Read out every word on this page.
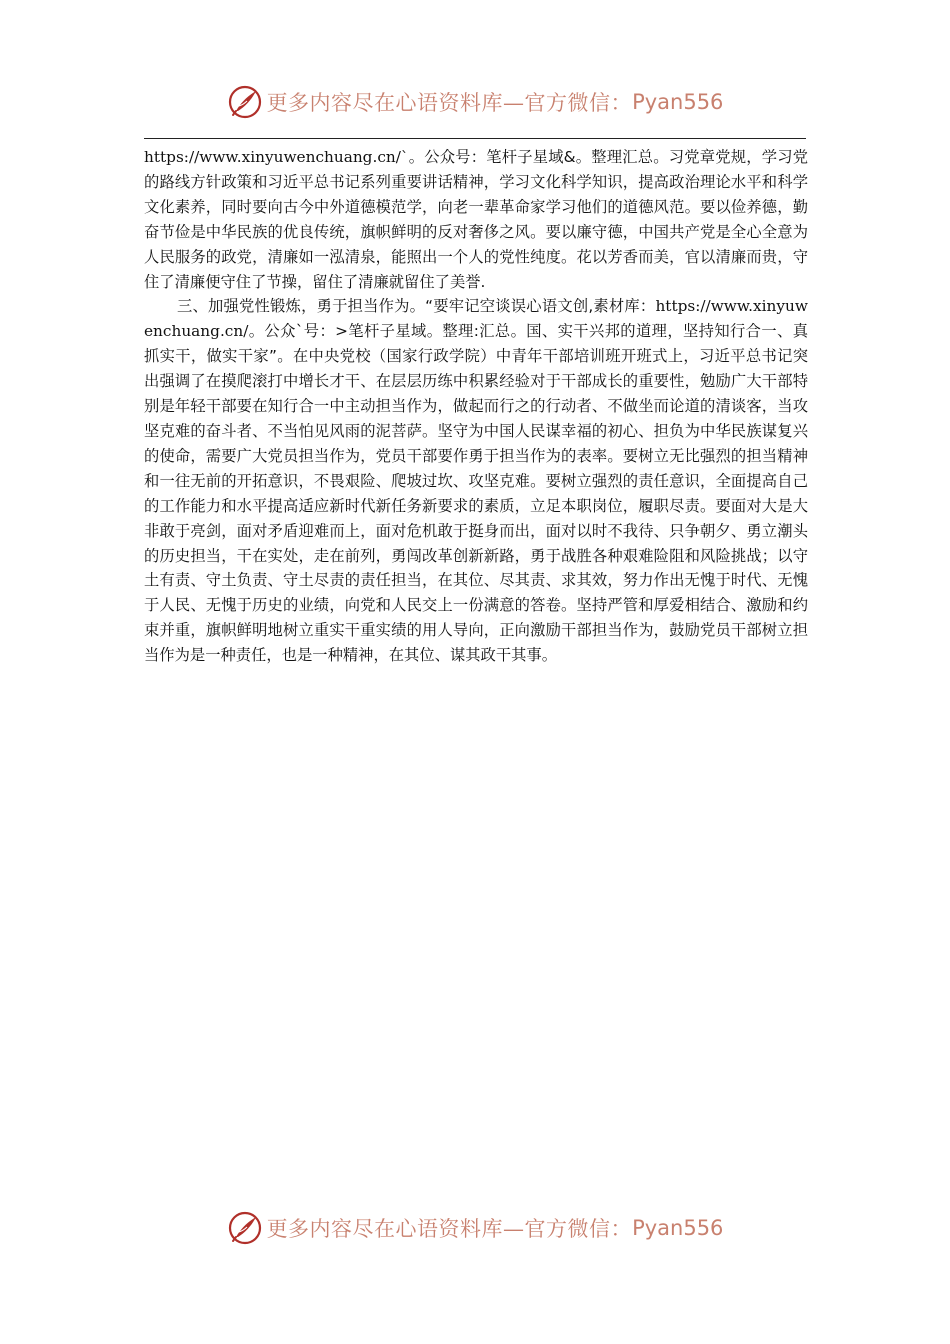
更多内容尽在心语资料库—官方微信： Pyan556

https://www.xinyuwenchuang.cn/`。公众号：笔杆子星域&。整理汇总。习党章党规，学习党的路线方针政策和习近平总书记系列重要讲话精神，学习文化科学知识，提高政治理论水平和科学文化素养，同时要向古今中外道德模范学，向老一辈革命家学习他们的道德风范。要以俭养德，勤奋节俭是中华民族的优良传统，旗帜鲜明的反对奢侈之风。要以廉守德，中国共产党是全心全意为人民服务的政党，清廉如一泓清泉，能照出一个人的党性纯度。花以芳香而美，官以清廉而贵，守住了清廉便守住了节操，留住了清廉就留住了美誉.

三、加强党性锻炼，勇于担当作为。“要牢记空谈误心语文创,素材库：https://www.xinyuwenchuang.cn/。公众`号：>笔杆子星域。整理:汇总。国、实干兴邦的道理，坚持知行合一、真抓实干，做实干家”。在中央党校（国家行政学院）中青年干部培训班开班式上，习近平总书记突出强调了在摸爬滚打中增长才干、在层层历练中积累经验对于干部成长的重要性，勉励广大干部特别是年轻干部要在知行合一中主动担当作为，做起而行之的行动者、不做坐而论道的清谈客，当攻坚克难的奋斗者、不当怕见风雨的泥菩萨。坚守为中国人民谋幸福的初心、担负为中华民族谋复兴的使命，需要广大党员担当作为，党员干部要作勇于担当作为的表率。要树立无比强烈的担当精神和一往无前的开拓意识，不畏艰险、爬坡过坎、攻坚克难。要树立强烈的责任意识，全面提高自己的工作能力和水平提高适应新时代新任务新要求的素质，立足本职岗位，履职尽责。要面对大是大非敢于亮剑，面对矛盾迎难而上，面对危机敢于挺身而出，面对以时不我待、只争朝夕、勇立潮头的历史担当，干在实处，走在前列，勇闯改革创新新路，勇于战胜各种艰难险阻和风险挑战；以守土有责、守土负责、守土尽责的责任担当，在其位、尽其责、求其效，努力作出无愧于时代、无愧于人民、无愧于历史的业绩，向党和人民交上一份满意的答卷。坚持严管和厚爱相结合、激励和约束并重，旗帜鲜明地树立重实干重实绩的用人导向，正向激励干部担当作为，鼓励党员干部树立担当作为是一种责任，也是一种精神，在其位、谋其政干其事。

更多内容尽在心语资料库—官方微信： Pyan556
